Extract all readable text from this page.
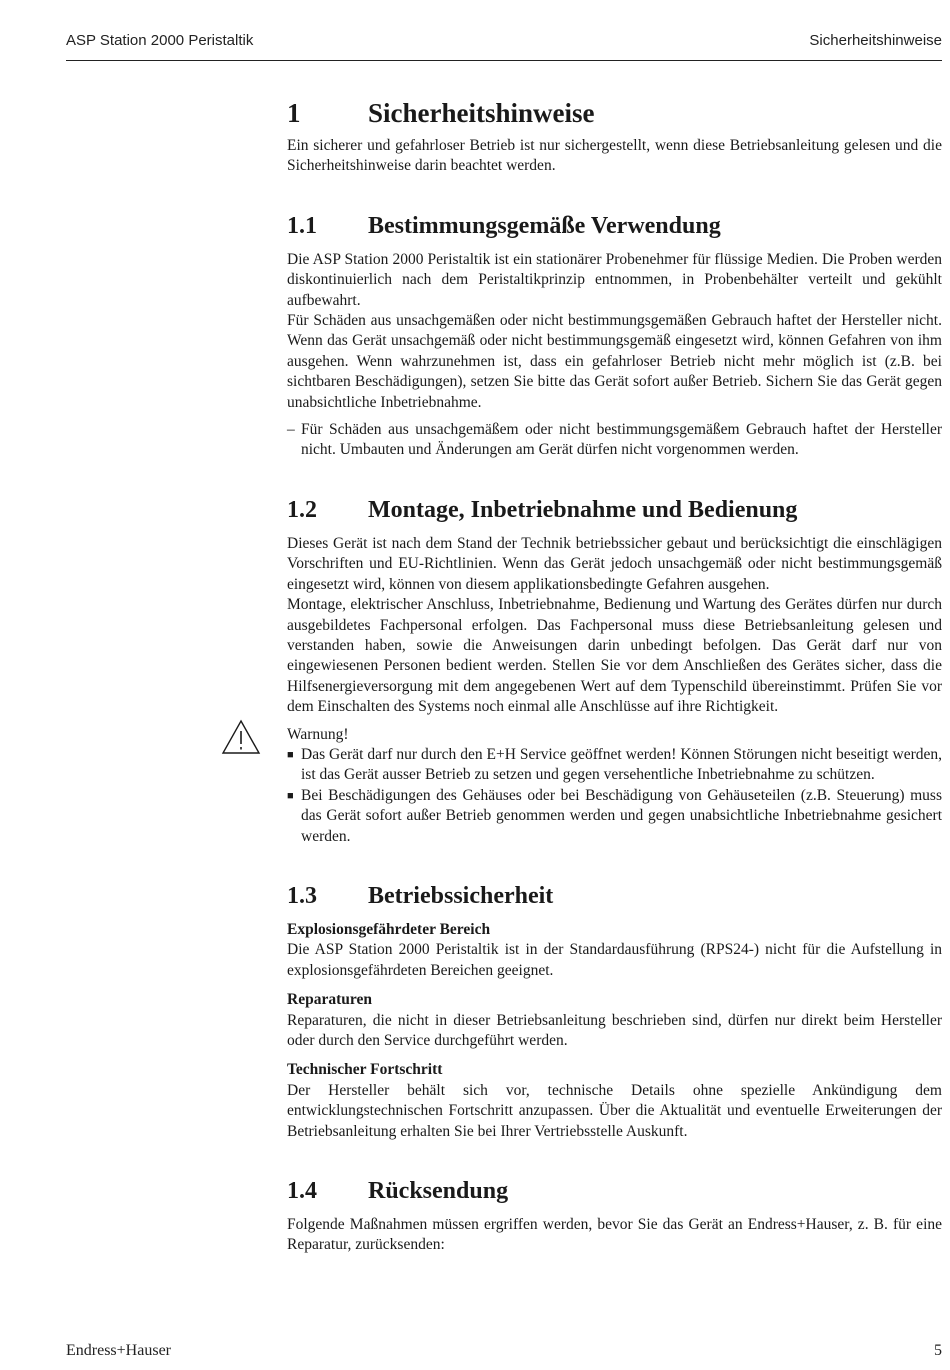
ASP Station 2000 Peristaltik	Sicherheitshinweise
1	Sicherheitshinweise

Ein sicherer und gefahrloser Betrieb ist nur sichergestellt, wenn diese Betriebsanleitung gelesen und die Sicherheitshinweise darin beachtet werden.

1.1	Bestimmungsgemäße Verwendung

Die ASP Station 2000 Peristaltik ist ein stationärer Probenehmer für flüssige Medien. Die Proben werden diskontinuierlich nach dem Peristaltikprinzip entnommen, in Probenbehälter verteilt und gekühlt aufbewahrt.

Für Schäden aus unsachgemäßen oder nicht bestimmungsgemäßen Gebrauch haftet der Hersteller nicht. Wenn das Gerät unsachgemäß oder nicht bestimmungsgemäß eingesetzt wird, können Gefahren von ihm ausgehen. Wenn wahrzunehmen ist, dass ein gefahrloser Betrieb nicht mehr möglich ist (z.B. bei sichtbaren Beschädigungen), setzen Sie bitte das Gerät sofort außer Betrieb. Sichern Sie das Gerät gegen unabsichtliche Inbetriebnahme.

– Für Schäden aus unsachgemäßem oder nicht bestimmungsgemäßem Gebrauch haftet der Hersteller nicht. Umbauten und Änderungen am Gerät dürfen nicht vorgenommen werden.
1.2	Montage, Inbetriebnahme und Bedienung

Dieses Gerät ist nach dem Stand der Technik betriebssicher gebaut und berücksichtigt die einschlägigen Vorschriften und EU-Richtlinien. Wenn das Gerät jedoch unsachgemäß oder nicht bestimmungsgemäß eingesetzt wird, können von diesem applikationsbedingte Gefahren ausgehen.

Montage, elektrischer Anschluss, Inbetriebnahme, Bedienung und Wartung des Gerätes dürfen nur durch ausgebildetes Fachpersonal erfolgen. Das Fachpersonal muss diese Betriebsanleitung gelesen und verstanden haben, sowie die Anweisungen darin unbedingt befolgen. Das Gerät darf nur von eingewiesenen Personen bedient werden. Stellen Sie vor dem Anschließen des Gerätes sicher, dass die Hilfsenergieversorgung mit dem angegebenen Wert auf dem Typenschild übereinstimmt. Prüfen Sie vor dem Einschalten des Systems noch einmal alle Anschlüsse auf ihre Richtigkeit.

Warnung!
■ Das Gerät darf nur durch den E+H Service geöffnet werden! Können Störungen nicht beseitigt werden, ist das Gerät ausser Betrieb zu setzen und gegen versehentliche Inbetriebnahme zu schützen.
■ Bei Beschädigungen des Gehäuses oder bei Beschädigung von Gehäuseteilen (z.B. Steuerung) muss das Gerät sofort außer Betrieb genommen werden und gegen unabsichtliche Inbetriebnahme gesichert werden.
1.3	Betriebssicherheit
Explosionsgefährdeter Bereich

Die ASP Station 2000 Peristaltik ist in der Standardausführung (RPS24-) nicht für die Aufstellung in explosionsgefährdeten Bereichen geeignet.

Reparaturen

Reparaturen, die nicht in dieser Betriebsanleitung beschrieben sind, dürfen nur direkt beim Hersteller oder durch den Service durchgeführt werden.

Technischer Fortschritt

Der Hersteller behält sich vor, technische Details ohne spezielle Ankündigung dem entwicklungstechnischen Fortschritt anzupassen. Über die Aktualität und eventuelle Erweiterungen der Betriebsanleitung erhalten Sie bei Ihrer Vertriebsstelle Auskunft.

1.4	Rücksendung

Folgende Maßnahmen müssen ergriffen werden, bevor Sie das Gerät an Endress+Hauser, z. B. für eine Reparatur, zurücksenden:

Endress+Hauser	5
